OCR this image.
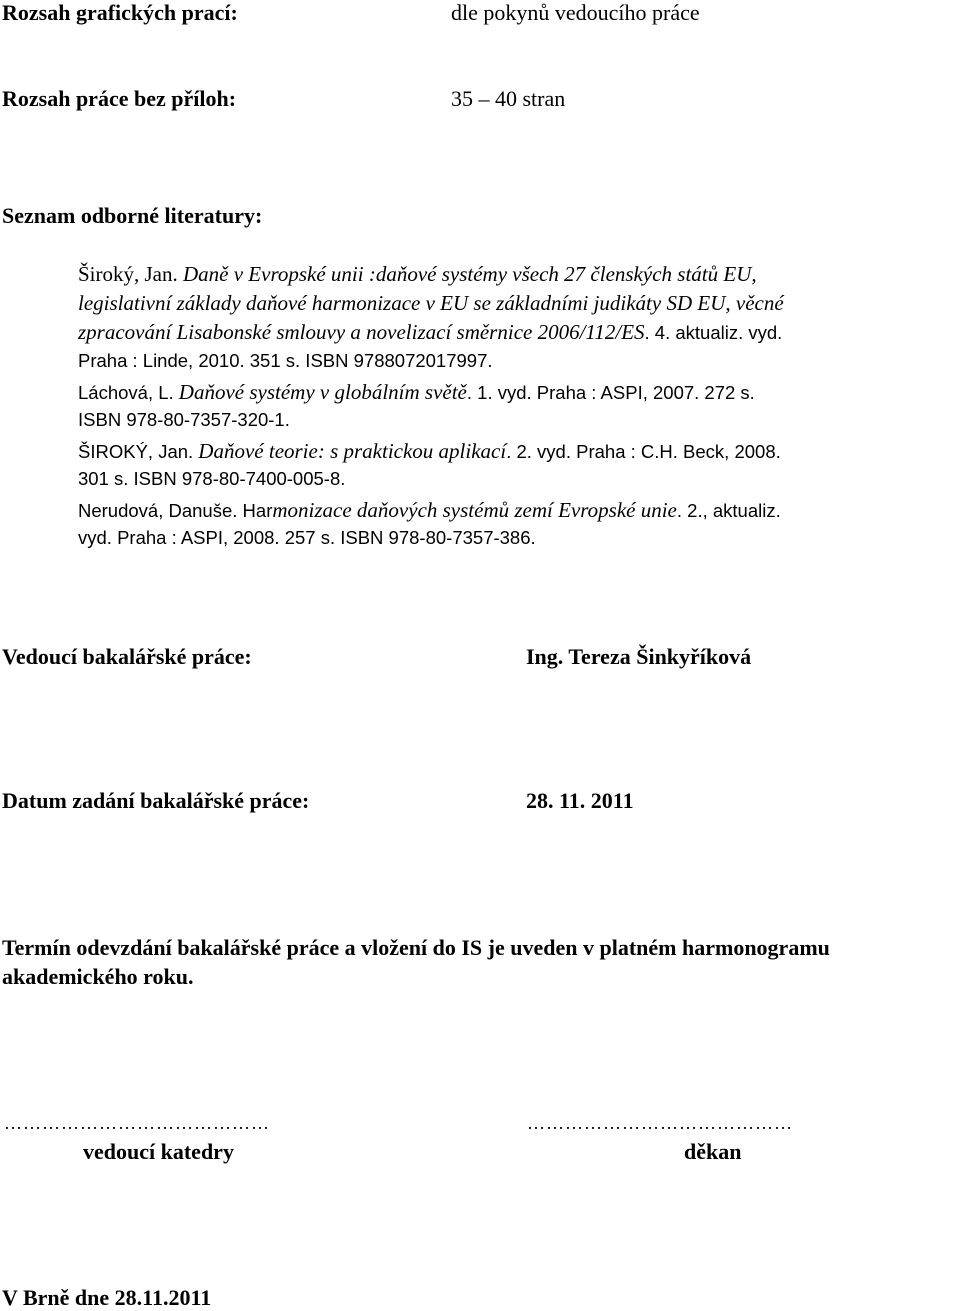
Rozsah grafických prací:	dle pokynů vedoucího práce
Rozsah práce bez příloh:	35 – 40 stran
Seznam odborné literatury:
Široký, Jan. Daně v Evropské unii :daňové systémy všech 27 členských států EU,
legislativní základy daňové harmonizace v EU se základními judikáty SD EU, věcné
zpracování Lisabonské smlouvy a novelizací směrnice 2006/112/ES. 4. aktualiz. vyd.
Praha : Linde, 2010. 351 s. ISBN 9788072017997.
Láchová, L. Daňové systémy v globálním světě. 1. vyd. Praha : ASPI, 2007. 272 s.
ISBN 978-80-7357-320-1.
ŠIROKÝ, Jan. Daňové teorie: s praktickou aplikací. 2. vyd. Praha : C.H. Beck, 2008.
301 s. ISBN 978-80-7400-005-8.
Nerudová, Danuše. Harmonizace daňových systémů zemí Evropské unie. 2., aktualiz.
vyd. Praha : ASPI, 2008. 257 s. ISBN 978-80-7357-386.
Vedoucí bakalářské práce:	Ing. Tereza Šinkyříková
Datum zadání bakalářské práce:	28. 11. 2011
Termín odevzdání bakalářské práce a vložení do IS je uveden v platném harmonogramu
akademického roku.
……………………………………	……………………………………
vedoucí katedry	děkan
V Brně dne 28.11.2011
